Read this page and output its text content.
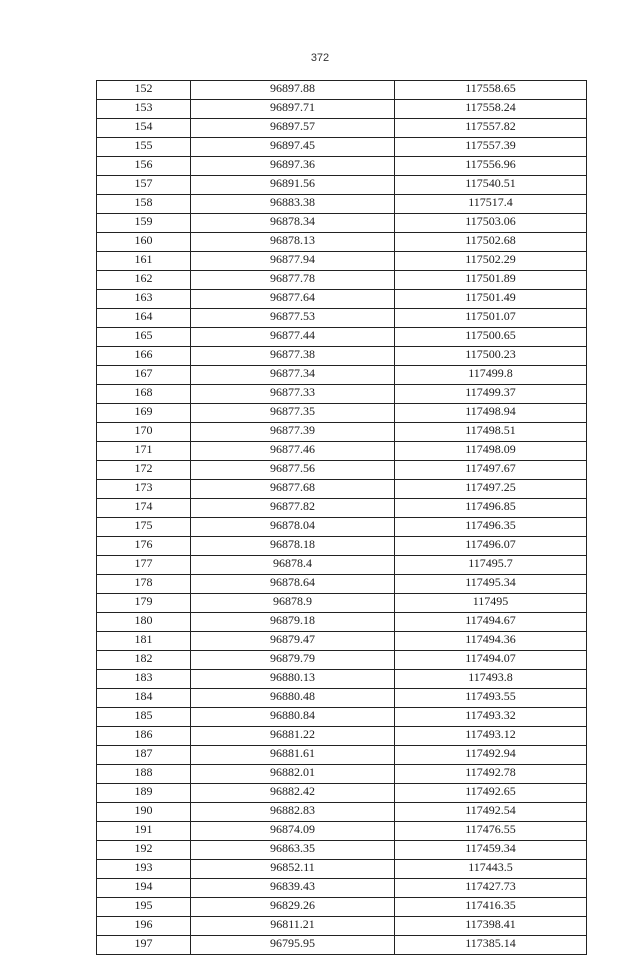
372
152	96897.88	117558.65
153	96897.71	117558.24
154	96897.57	117557.82
155	96897.45	117557.39
156	96897.36	117556.96
157	96891.56	117540.51
158	96883.38	117517.4
159	96878.34	117503.06
160	96878.13	117502.68
161	96877.94	117502.29
162	96877.78	117501.89
163	96877.64	117501.49
164	96877.53	117501.07
165	96877.44	117500.65
166	96877.38	117500.23
167	96877.34	117499.8
168	96877.33	117499.37
169	96877.35	117498.94
170	96877.39	117498.51
171	96877.46	117498.09
172	96877.56	117497.67
173	96877.68	117497.25
174	96877.82	117496.85
175	96878.04	117496.35
176	96878.18	117496.07
177	96878.4	117495.7
178	96878.64	117495.34
179	96878.9	117495
180	96879.18	117494.67
181	96879.47	117494.36
182	96879.79	117494.07
183	96880.13	117493.8
184	96880.48	117493.55
185	96880.84	117493.32
186	96881.22	117493.12
187	96881.61	117492.94
188	96882.01	117492.78
189	96882.42	117492.65
190	96882.83	117492.54
191	96874.09	117476.55
192	96863.35	117459.34
193	96852.11	117443.5
194	96839.43	117427.73
195	96829.26	117416.35
196	96811.21	117398.41
197	96795.95	117385.14
